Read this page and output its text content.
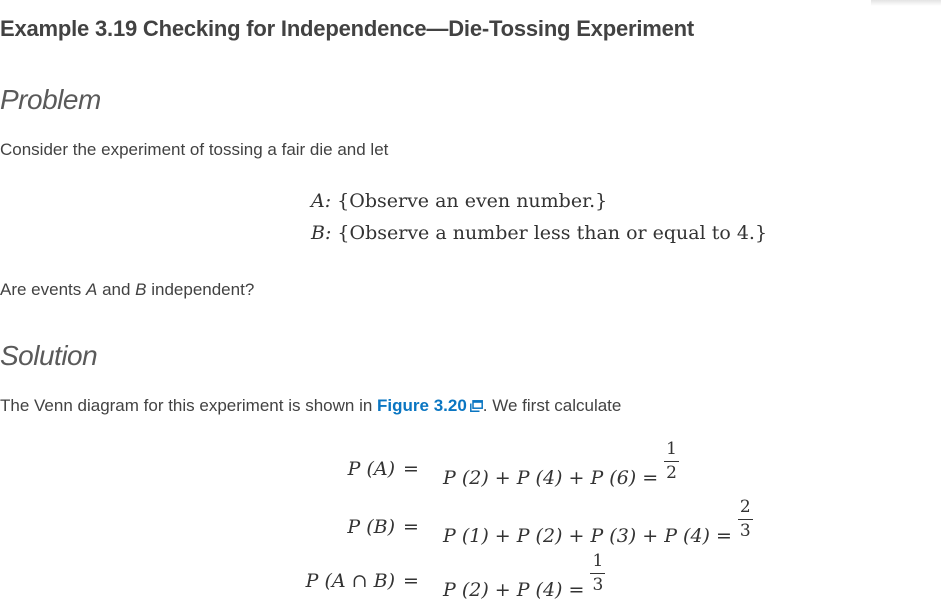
Example 3.19 Checking for Independence—Die-Tossing Experiment
Problem

Consider the experiment of tossing a fair die and let

A: {Observe an even number.}
B: {Observe a number less than or equal to 4.}

Are events A and B independent?

Solution

The Venn diagram for this experiment is shown in Figure 3.20 . We first calculate

P (A) = P (2) + P (4) + P $(6) = \frac{1}{2}$
P (B) = P (1) + P (2) + P (3) + P $(4) = \frac{2}{3}$
P (A ∩ B) = P (2) + P $(4) = \frac{1}{3}$
